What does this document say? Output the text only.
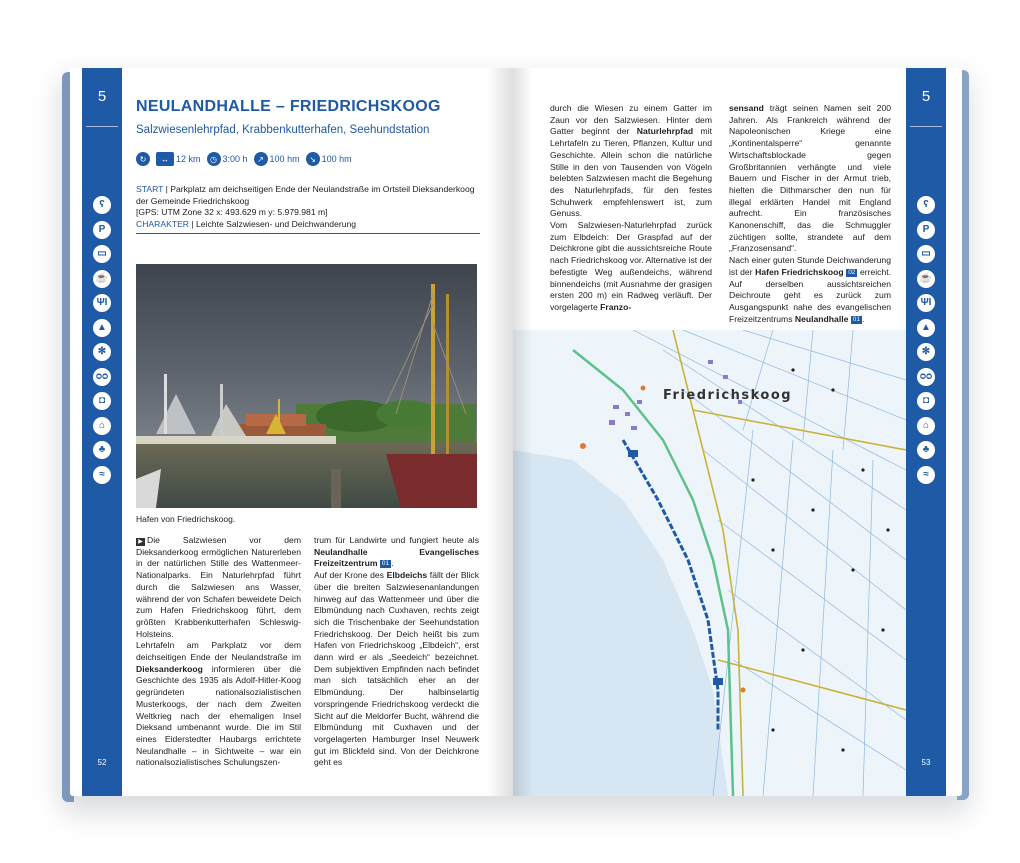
5
ʕ
P
▭
☕
ΨΙ
▲
✻
ᴑᴑ
◘
⌂
♣
≈
52
NEULANDHALLE – FRIEDRICHSKOOG
Salzwiesenlehrpfad, Krabbenkutterhafen, Seehundstation
↻	↔ 12 km	◷ 3:00 h	↗ 100 hm	↘ 100 hm
START | Parkplatz am deichseitigen Ende der Neulandstraße im Ortsteil Dieksanderkoog der Gemeinde Friedrichskoog
[GPS: UTM Zone 32 x: 493.629 m y: 5.979.981 m]
CHARAKTER | Leichte Salzwiesen- und Deichwanderung
Hafen von Friedrichskoog.

▶ Die Salzwiesen vor dem Dieksanderkoog ermöglichen Naturerleben in der natürlichen Stille des Wattenmeer-Nationalparks. Ein Naturlehrpfad führt durch die Salzwiesen ans Wasser, während der von Schafen beweidete Deich zum Hafen Friedrichskoog führt, dem größten Krabbenkutterhafen Schleswig-Holsteins.

Lehrtafeln am Parkplatz vor dem deichseitigen Ende der Neulandstraße im Dieksanderkoog informieren über die Geschichte des 1935 als Adolf-Hitler-Koog gegründeten nationalsozialistischen Musterkoogs, der nach dem Zweiten Weltkrieg nach der ehemaligen Insel Dieksand umbenannt wurde. Die im Stil eines Eiderstedter Haubargs errichtete Neulandhalle – in Sichtweite – war ein nationalsozialistisches Schulungszen-

trum für Landwirte und fungiert heute als Neulandhalle Evangelisches Freizeitzentrum 01 .

Auf der Krone des Elbdeichs fällt der Blick über die breiten Salzwiesenanlandungen hinweg auf das Wattenmeer und über die Elbmündung nach Cuxhaven, rechts zeigt sich die Trischenbake der Seehundstation Friedrichskoog. Der Deich heißt bis zum Hafen von Friedrichskoog „Elbdeich“, erst dann wird er als „Seedeich“ bezeichnet. Dem subjektiven Empfinden nach befindet man sich tatsächlich eher an der Elbmündung. Der halbinselartig vorspringende Friedrichskoog verdeckt die Sicht auf die Meldorfer Bucht, während die Elbmündung mit Cuxhaven und der vorgelagerten Hamburger Insel Neuwerk gut im Blickfeld sind. Von der Deichkrone geht es

durch die Wiesen zu einem Gatter im Zaun vor den Salzwiesen. Hinter dem Gatter beginnt der Naturlehrpfad mit Lehrtafeln zu Tieren, Pflanzen, Kultur und Geschichte. Allein schon die natürliche Stille in den von Tausenden von Vögeln belebten Salzwiesen macht die Begehung des Naturlehrpfads, für den festes Schuhwerk empfehlenswert ist, zum Genuss.

Vom Salzwiesen-Naturlehrpfad zurück zum Elbdeich: Der Graspfad auf der Deichkrone gibt die aussichtsreiche Route nach Friedrichskoog vor. Alternative ist der befestigte Weg außendeichs, während binnendeichs (mit Ausnahme der grasigen ersten 200 m) ein Radweg verläuft. Der vorgelagerte Franzo-

sensand trägt seinen Namen seit 200 Jahren. Als Frankreich während der Napoleonischen Kriege eine „Kontinentalsperre“ genannte Wirtschaftsblockade gegen Großbritannien verhängte und viele Bauern und Fischer in der Armut trieb, hielten die Dithmarscher den nun für illegal erklärten Handel mit England aufrecht. Ein französisches Kanonenschiff, das die Schmuggler züchtigen sollte, strandete auf dem „Franzosensand“.

Nach einer guten Stunde Deichwanderung ist der Hafen Friedrichskoog 02 erreicht. Auf derselben aussichtsreichen Deichroute geht es zurück zum Ausgangspunkt nahe des evangelischen Freizeitzentrums Neulandhalle 01 .

Friedrichskoog
5
ʕ
P
▭
☕
ΨΙ
▲
✻
ᴑᴑ
◘
⌂
♣
≈
53
